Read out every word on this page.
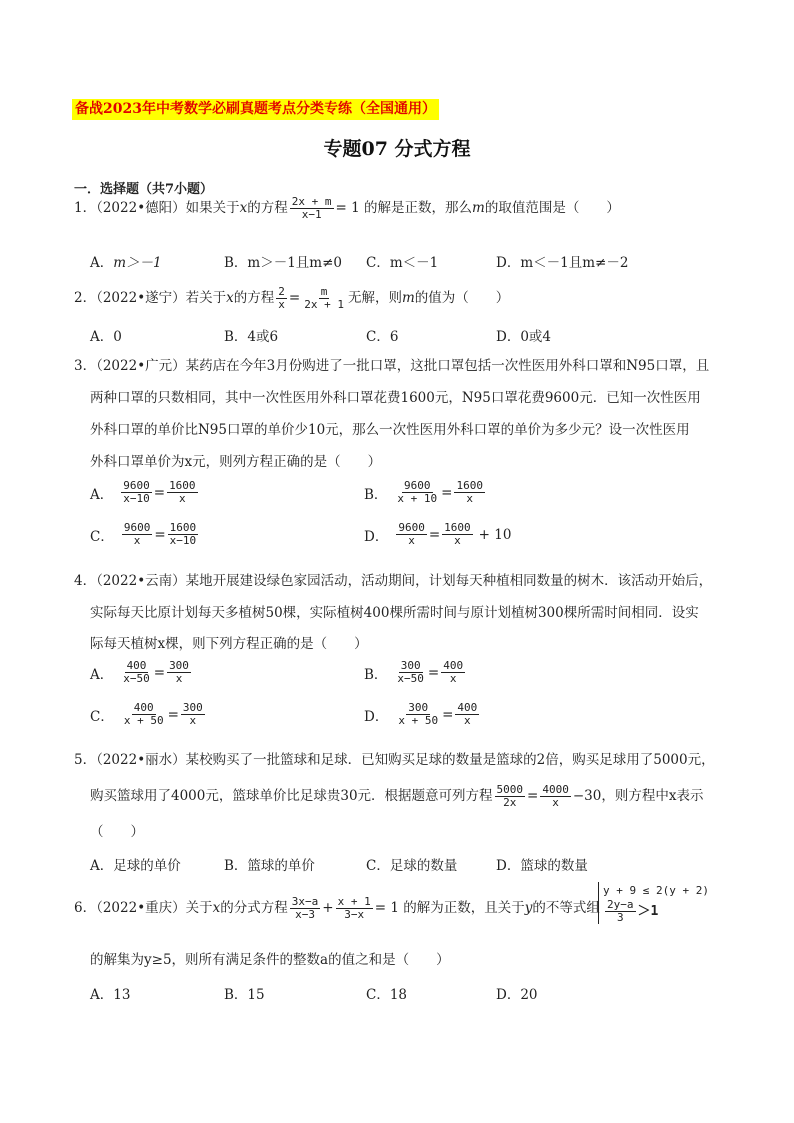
备战2023年中考数学必刷真题考点分类专练（全国通用）
专题07 分式方程
一．选择题（共7小题）
1．（2022•德阳）如果关于 x 的方程 $\frac{2x + m}{x-1} = 1$ 的解是正数，那么 m 的取值范围是（　　）
A． m＞－1	B． m＞－1且m≠0 C． m＜－1	D． m＜－1且m≠－2
2．（2022•遂宁）若关于 x 的方程 $\frac{2}{x} = \frac{m}{2x + 1}$ 无解，则 m 的值为（　　）
A．0	B．4或6	C．6	D．0或4
3．（2022•广元）某药店在今年3月份购进了一批口罩，这批口罩包括一次性医用外科口罩和N95口罩，且
两种口罩的只数相同，其中一次性医用外科口罩花费1600元，N95口罩花费9600元．已知一次性医用
外科口罩的单价比N95口罩的单价少10元，那么一次性医用外科口罩的单价为多少元？设一次性医用
外科口罩单价为x元，则列方程正确的是（　　）
A． $\frac{9600}{x-10} = \frac{1600}{x}$	B． $\frac{9600}{x + 10} = \frac{1600}{x}$
C． $\frac{9600}{x} = \frac{1600}{x-10}$	D． $\frac{9600}{x} = \frac{1600}{x} + 10$
4．（2022•云南）某地开展建设绿色家园活动，活动期间，计划每天种植相同数量的树木．该活动开始后，
实际每天比原计划每天多植树50棵，实际植树400棵所需时间与原计划植树300棵所需时间相同．设实
际每天植树x棵，则下列方程正确的是（　　）
A． $\frac{400}{x-50} = \frac{300}{x}$	B． $\frac{300}{x-50} = \frac{400}{x}$
C． $\frac{400}{x + 50} = \frac{300}{x}$	D． $\frac{300}{x + 50} = \frac{400}{x}$
5．（2022•丽水）某校购买了一批篮球和足球．已知购买足球的数量是篮球的2倍，购买足球用了5000元，
购买篮球用了4000元，篮球单价比足球贵30元．根据题意可列方程 $\frac{5000}{2x} = \frac{4000}{x} -30$，则方程中x表示
（　　）
A．足球的单价	B．篮球的单价	C．足球的数量	D．篮球的数量
6．（2022•重庆）关于 x 的分式方程 $\frac{3x-a}{x-3} + \frac{x + 1}{3-x} = 1$ 的解为正数，且关于 y 的不等式组
y + 9 ≤ 2(y + 2)
$\frac{2y-a}{3} >1$
的解集为y≥5，则所有满足条件的整数a的值之和是（　　）
A．13	B．15	C．18	D．20
